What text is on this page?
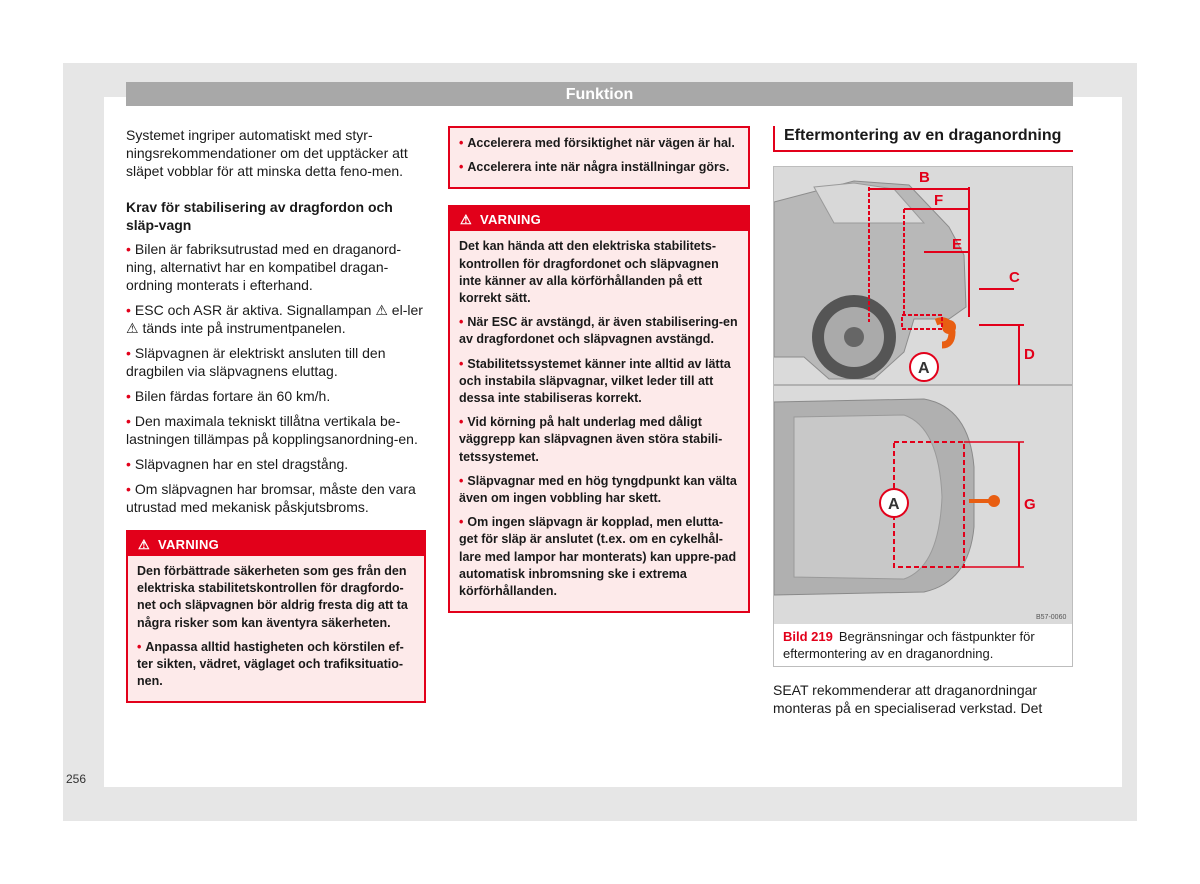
Funktion

Systemet ingriper automatiskt med styr-ningsrekommendationer om det upptäcker att släpet vobblar för att minska detta feno-men.

Krav för stabilisering av dragfordon och släp-vagn

• Bilen är fabriksutrustad med en draganord-ning, alternativt har en kompatibel dragan-ordning monterats i efterhand.
• ESC och ASR är aktiva. Signallampan ⚠ el-ler ⚠ tänds inte på instrumentpanelen.
• Släpvagnen är elektriskt ansluten till den dragbilen via släpvagnens eluttag.
• Bilen färdas fortare än 60 km/h.
• Den maximala tekniskt tillåtna vertikala be-lastningen tillämpas på kopplingsanordning-en.
• Släpvagnen har en stel dragstång.
• Om släpvagnen har bromsar, måste den vara utrustad med mekanisk påskjutsbroms.
⚠ VARNING
Den förbättrade säkerheten som ges från den elektriska stabilitetskontrollen för dragfordo-net och släpvagnen bör aldrig fresta dig att ta några risker som kan äventyra säkerheten.
• Anpassa alltid hastigheten och körstilen ef-ter sikten, vädret, väglaget och trafiksituatio-nen.
• Accelerera med försiktighet när vägen är hal.
• Accelerera inte när några inställningar görs.
⚠ VARNING
Det kan hända att den elektriska stabilitets-kontrollen för dragfordonet och släpvagnen inte känner av alla körförhållanden på ett korrekt sätt.
• När ESC är avstängd, är även stabilisering-en av dragfordonet och släpvagnen avstängd.
• Stabilitetssystemet känner inte alltid av lätta och instabila släpvagnar, vilket leder till att dessa inte stabiliseras korrekt.
• Vid körning på halt underlag med dåligt väggrepp kan släpvagnen även störa stabili-tetssystemet.
• Släpvagnar med en hög tyngdpunkt kan välta även om ingen vobbling har skett.
• Om ingen släpvagn är kopplad, men elutta-get för släp är anslutet (t.ex. om en cykelhål-lare med lampor har monterats) kan uppre-pad automatisk inbromsning ske i extrema körförhållanden.
Eftermontering av en draganordning
B
F
E
C
D
A
G
A
B57-0060
Bild 219 Begränsningar och fästpunkter för eftermontering av en draganordning.

SEAT rekommenderar att draganordningar monteras på en specialiserad verkstad. Det

256
